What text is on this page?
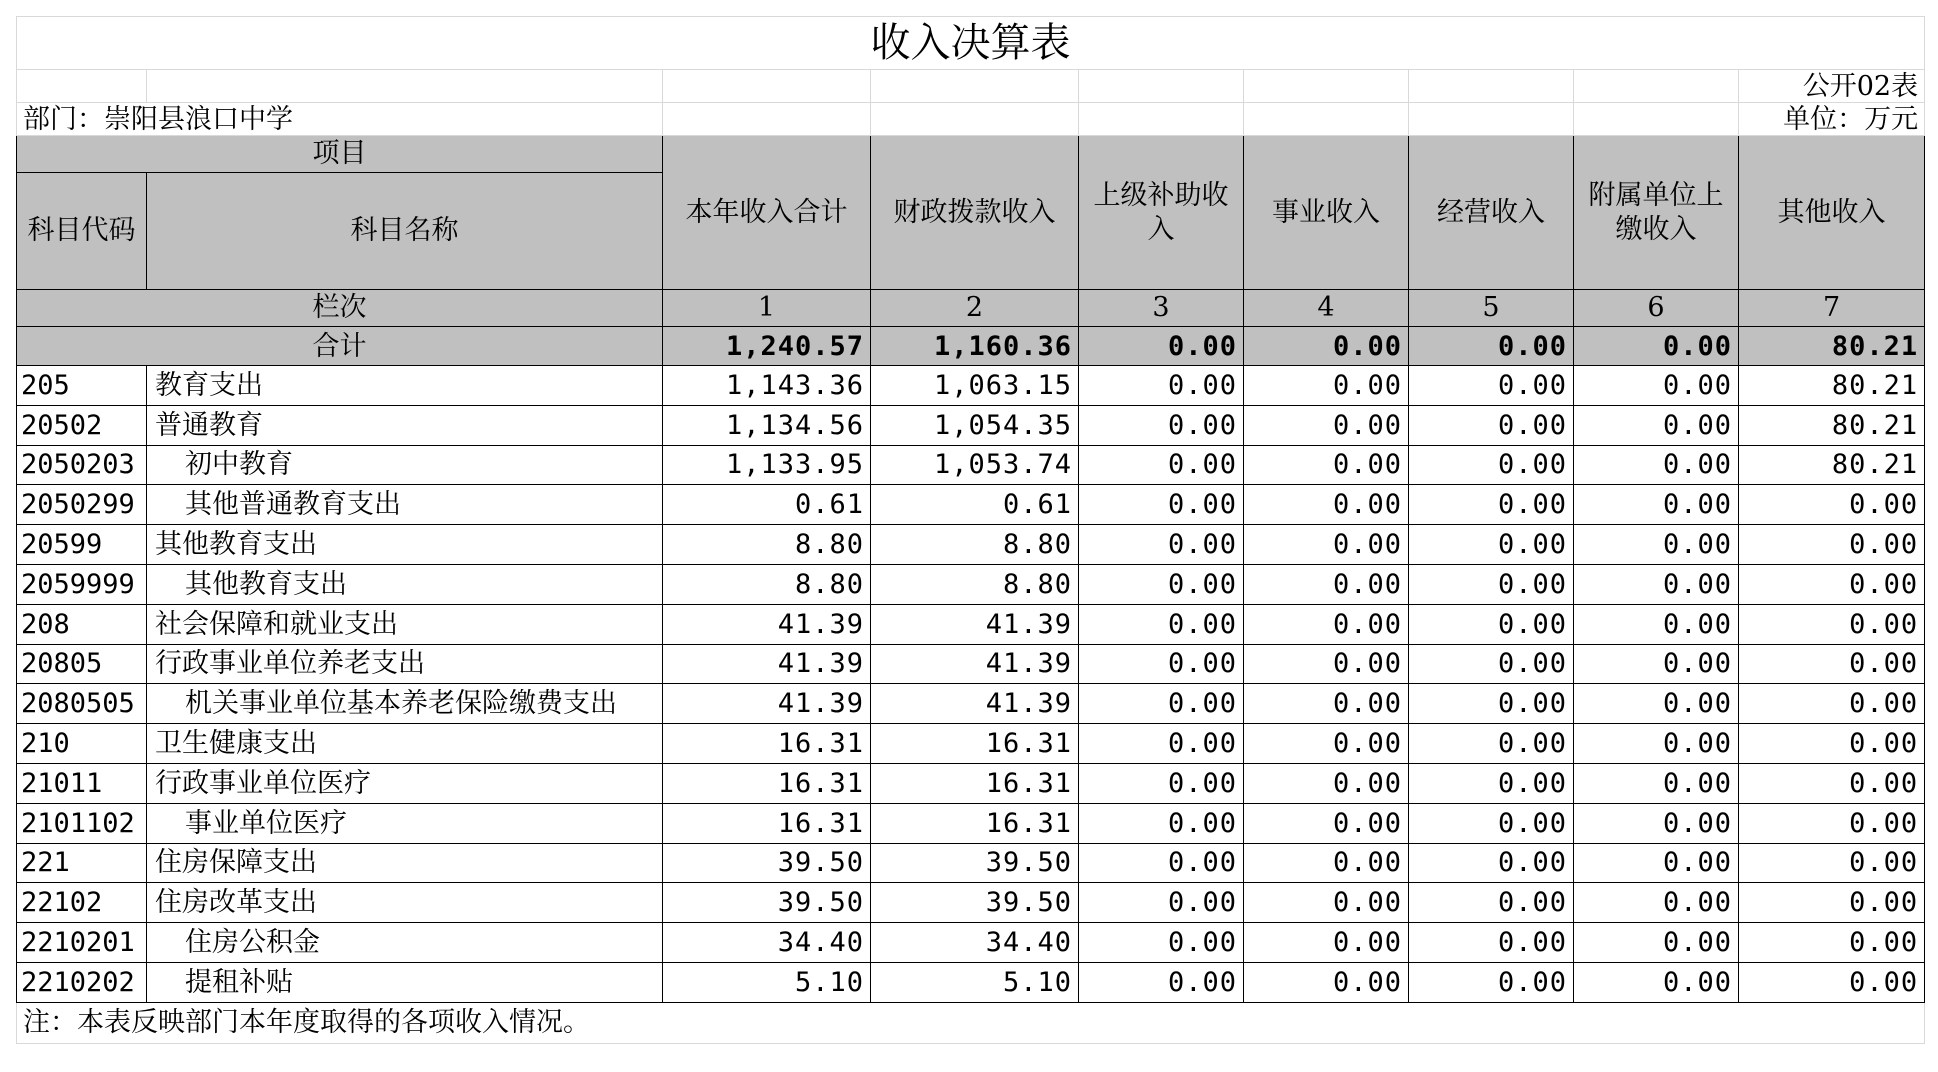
收入决算表								
								公开02表
部门：崇阳县浪口中学								单位：万元
项目		本年收入合计	财政拨款收入	上级补助收入	事业收入	经营收入	附属单位上缴收入	其他收入
科目代码	科目名称							
栏次		1	2	3	4	5	6	7
合计		1,240.57	1,160.36	0.00	0.00	0.00	0.00	80.21
205	教育支出	1,143.36	1,063.15	0.00	0.00	0.00	0.00	80.21
20502	普通教育	1,134.56	1,054.35	0.00	0.00	0.00	0.00	80.21
2050203	初中教育	1,133.95	1,053.74	0.00	0.00	0.00	0.00	80.21
2050299	其他普通教育支出	0.61	0.61	0.00	0.00	0.00	0.00	0.00
20599	其他教育支出	8.80	8.80	0.00	0.00	0.00	0.00	0.00
2059999	其他教育支出	8.80	8.80	0.00	0.00	0.00	0.00	0.00
208	社会保障和就业支出	41.39	41.39	0.00	0.00	0.00	0.00	0.00
20805	行政事业单位养老支出	41.39	41.39	0.00	0.00	0.00	0.00	0.00
2080505	机关事业单位基本养老保险缴费支出	41.39	41.39	0.00	0.00	0.00	0.00	0.00
210	卫生健康支出	16.31	16.31	0.00	0.00	0.00	0.00	0.00
21011	行政事业单位医疗	16.31	16.31	0.00	0.00	0.00	0.00	0.00
2101102	事业单位医疗	16.31	16.31	0.00	0.00	0.00	0.00	0.00
221	住房保障支出	39.50	39.50	0.00	0.00	0.00	0.00	0.00
22102	住房改革支出	39.50	39.50	0.00	0.00	0.00	0.00	0.00
2210201	住房公积金	34.40	34.40	0.00	0.00	0.00	0.00	0.00
2210202	提租补贴	5.10	5.10	0.00	0.00	0.00	0.00	0.00
注：本表反映部门本年度取得的各项收入情况。								
